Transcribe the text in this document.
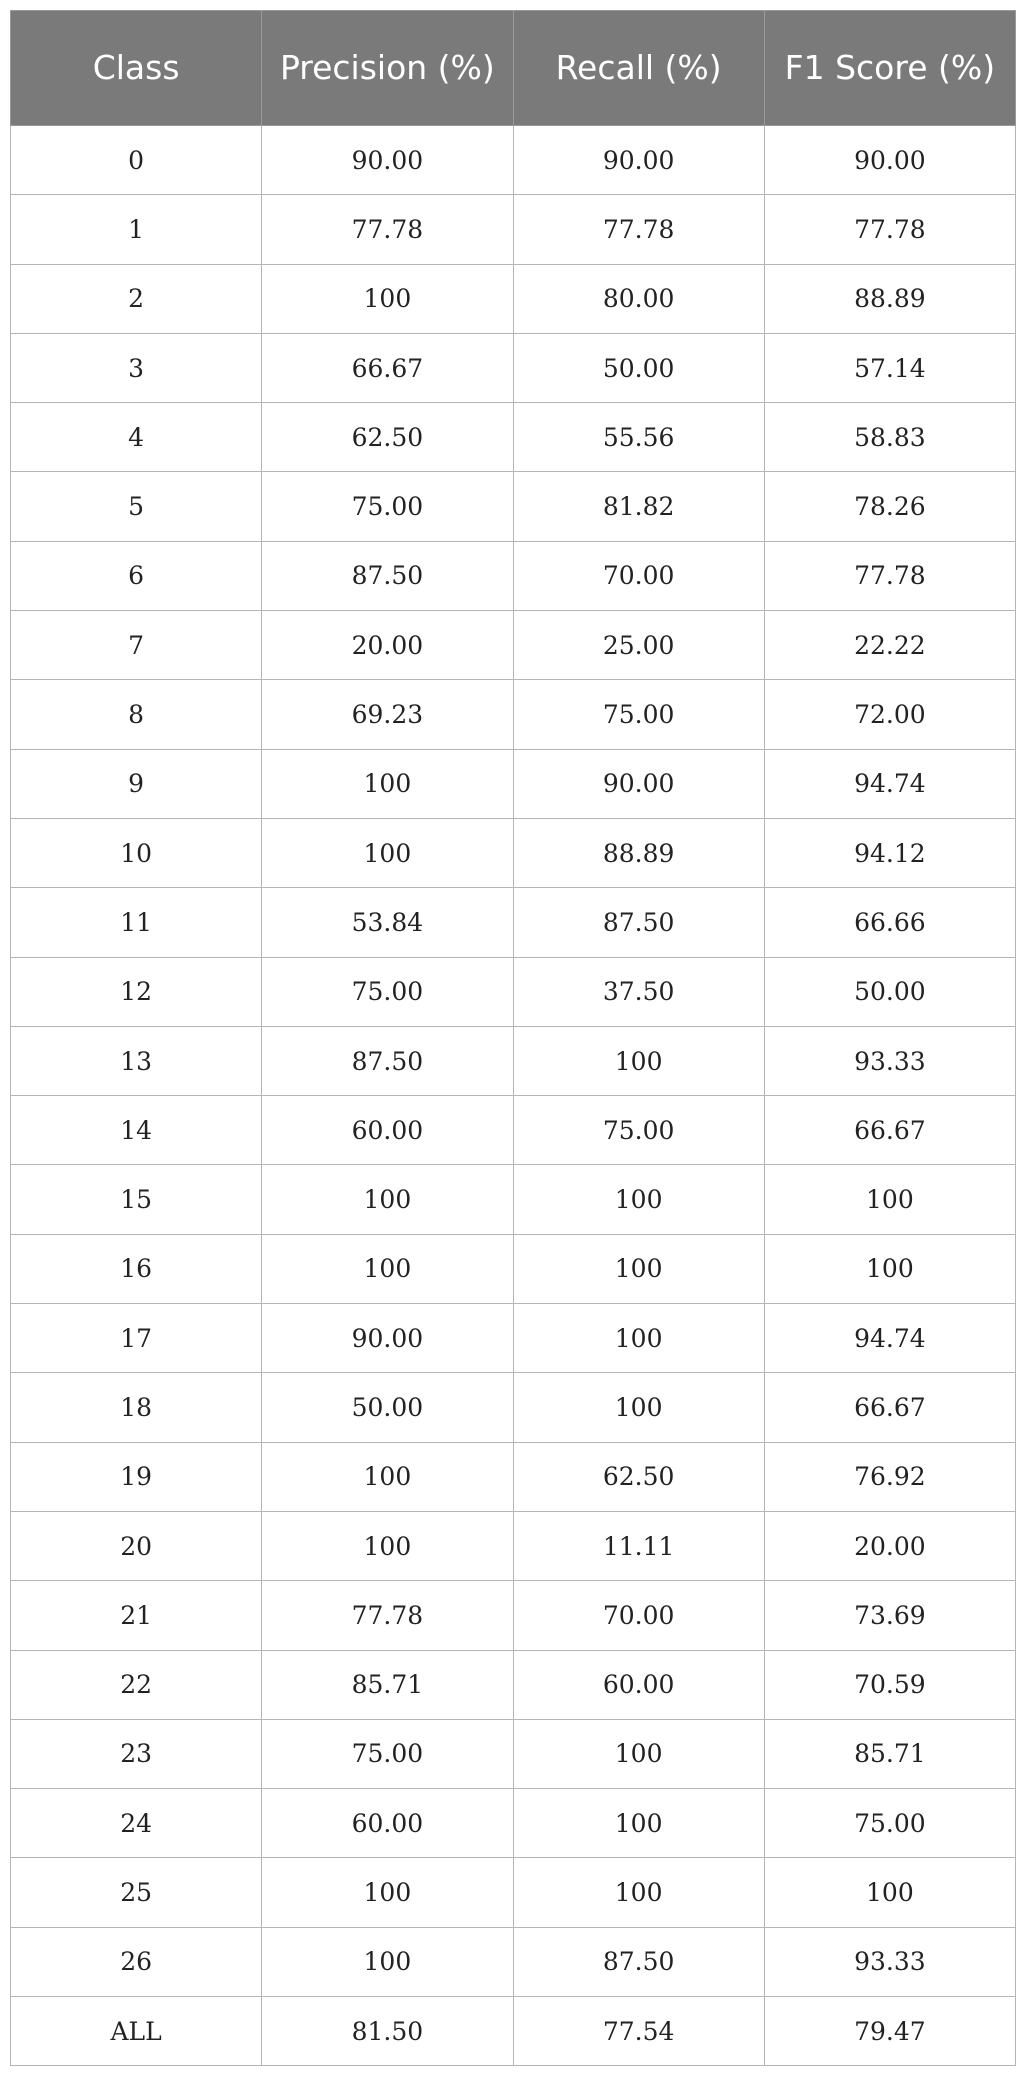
Class	Precision (%)	Recall (%)	F1 Score (%)
0	90.00	90.00	90.00
1	77.78	77.78	77.78
2	100	80.00	88.89
3	66.67	50.00	57.14
4	62.50	55.56	58.83
5	75.00	81.82	78.26
6	87.50	70.00	77.78
7	20.00	25.00	22.22
8	69.23	75.00	72.00
9	100	90.00	94.74
10	100	88.89	94.12
11	53.84	87.50	66.66
12	75.00	37.50	50.00
13	87.50	100	93.33
14	60.00	75.00	66.67
15	100	100	100
16	100	100	100
17	90.00	100	94.74
18	50.00	100	66.67
19	100	62.50	76.92
20	100	11.11	20.00
21	77.78	70.00	73.69
22	85.71	60.00	70.59
23	75.00	100	85.71
24	60.00	100	75.00
25	100	100	100
26	100	87.50	93.33
ALL	81.50	77.54	79.47
